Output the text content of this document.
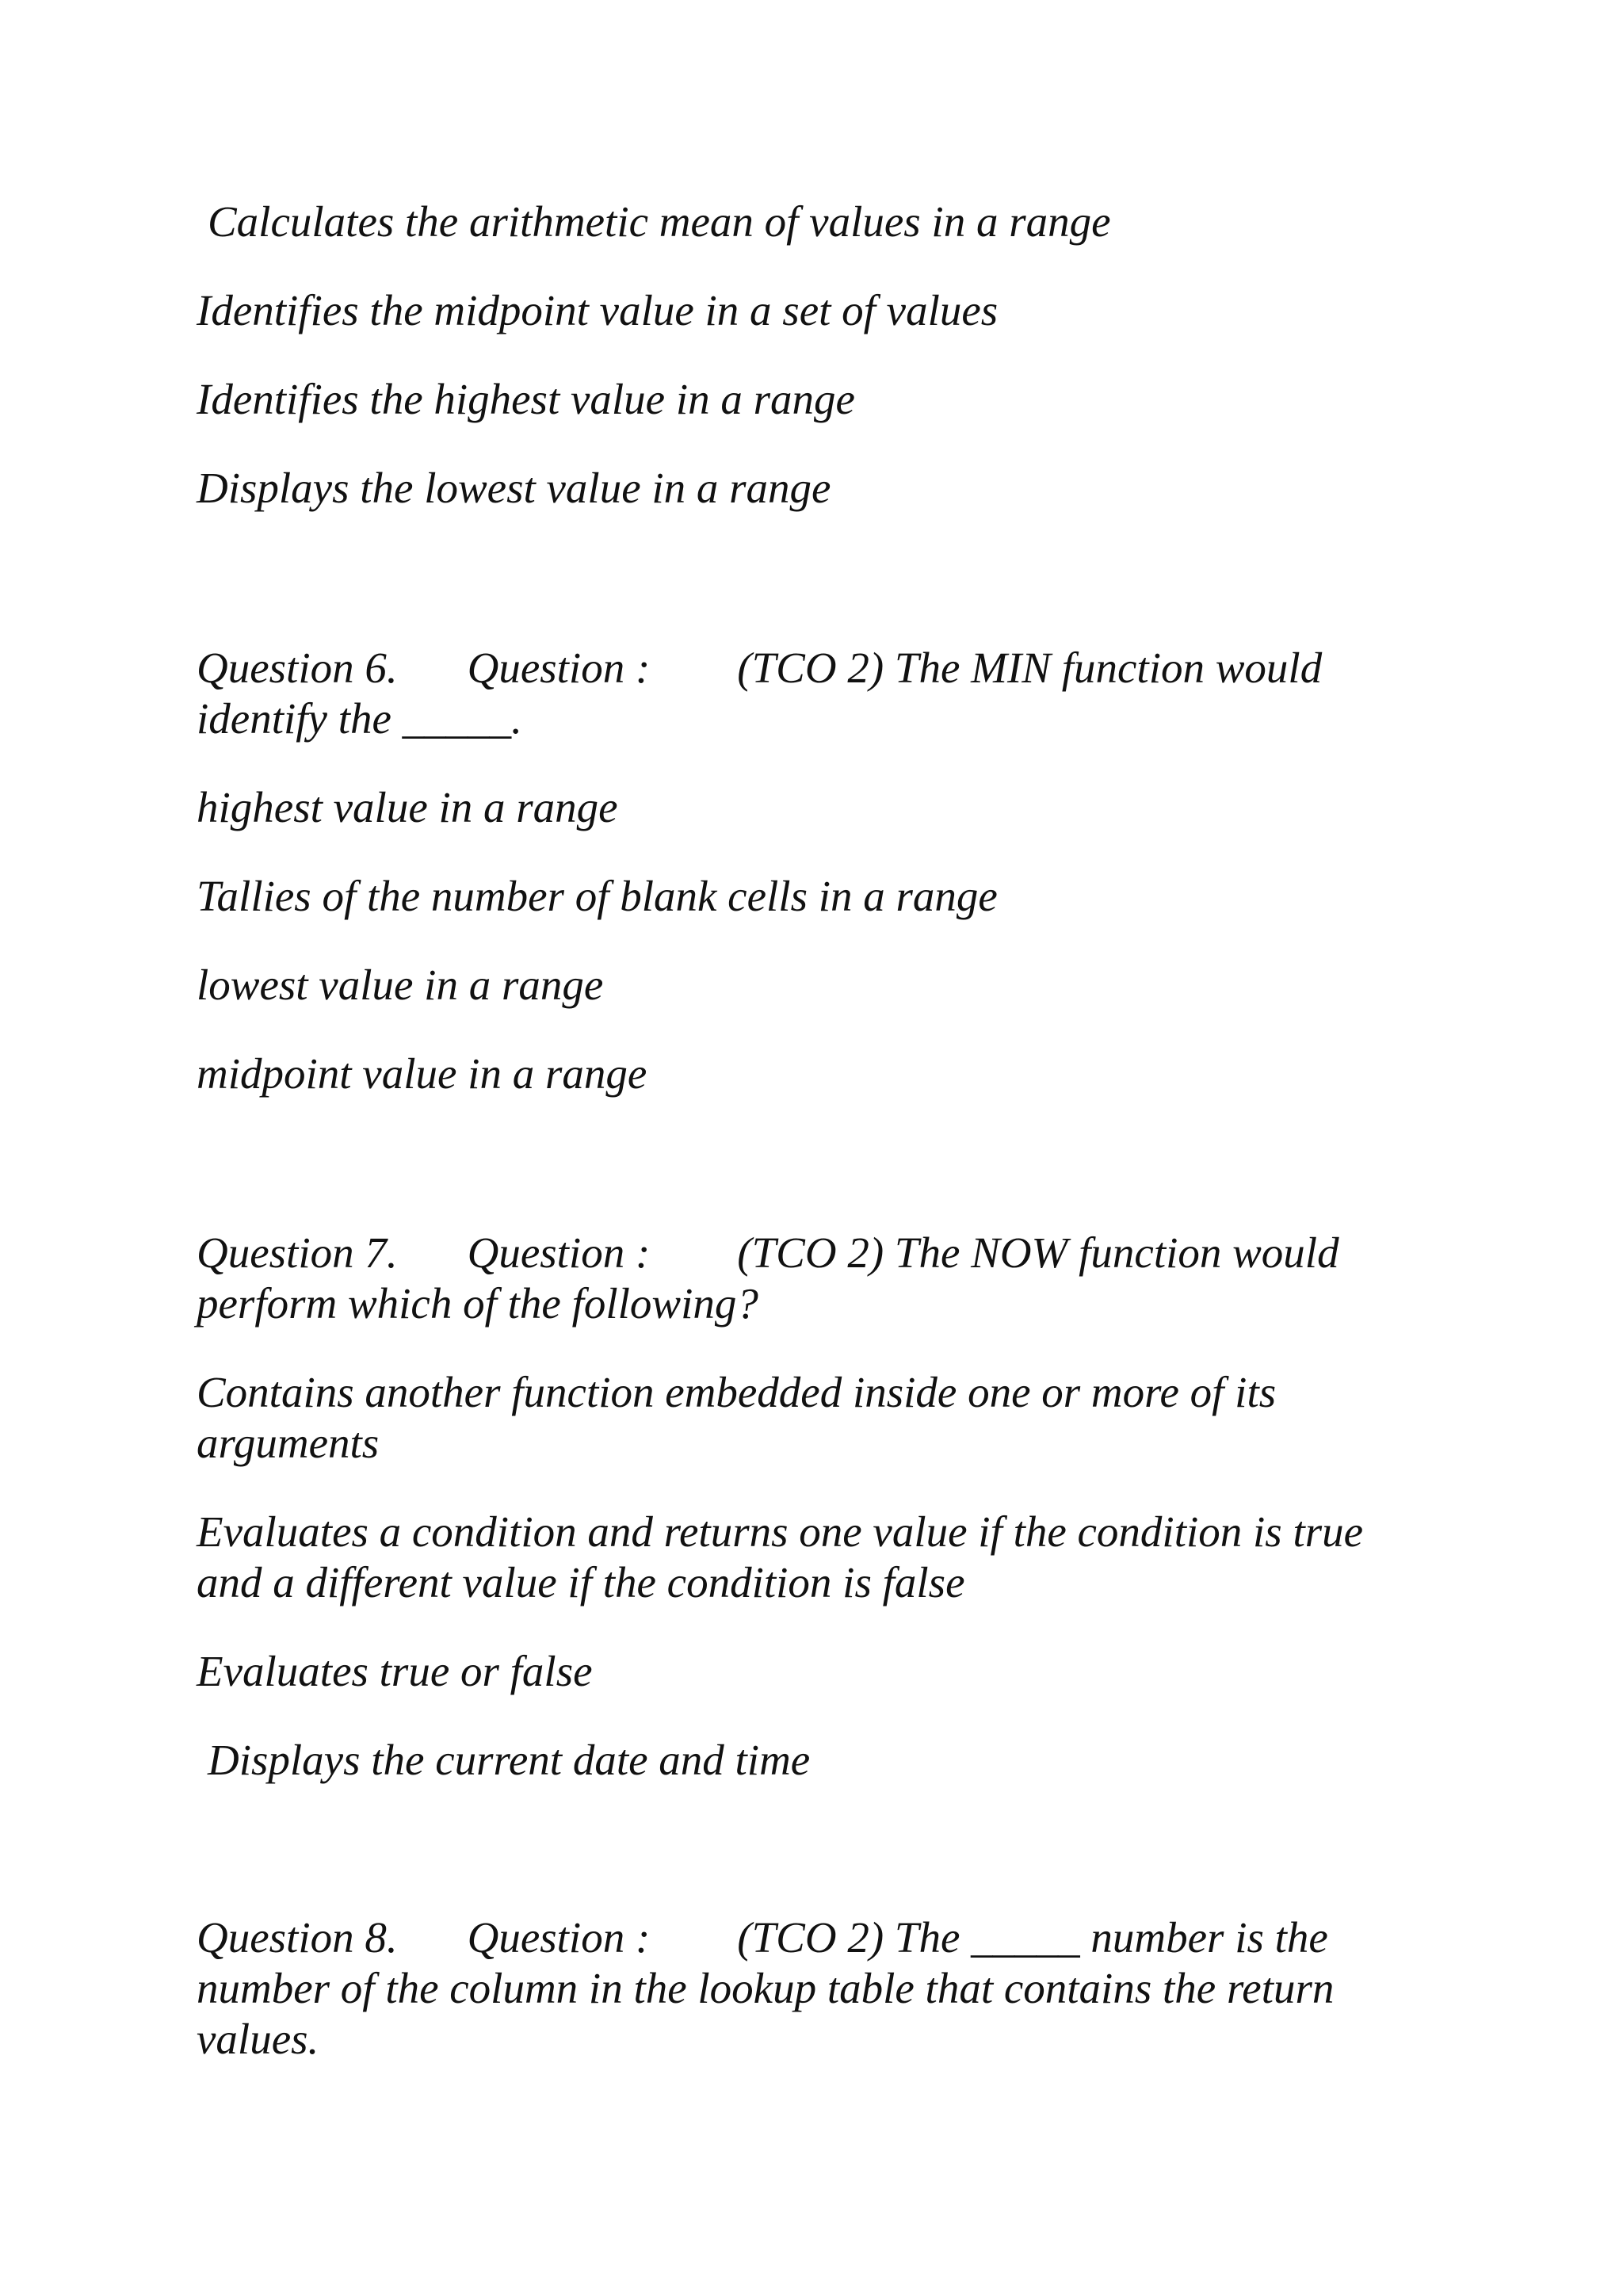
Calculates the arithmetic mean of values in a range

Identifies the midpoint value in a set of values

Identifies the highest value in a range

Displays the lowest value in a range

Question 6. Question : (TCO 2) The MIN function would

identify the _____.

highest value in a range

Tallies of the number of blank cells in a range

lowest value in a range

midpoint value in a range

Question 7. Question : (TCO 2) The NOW function would

perform which of the following?

Contains another function embedded inside one or more of its

arguments

Evaluates a condition and returns one value if the condition is true

and a different value if the condition is false

Evaluates true or false

Displays the current date and time

Question 8. Question : (TCO 2) The _____ number is the

number of the column in the lookup table that contains the return

values.
